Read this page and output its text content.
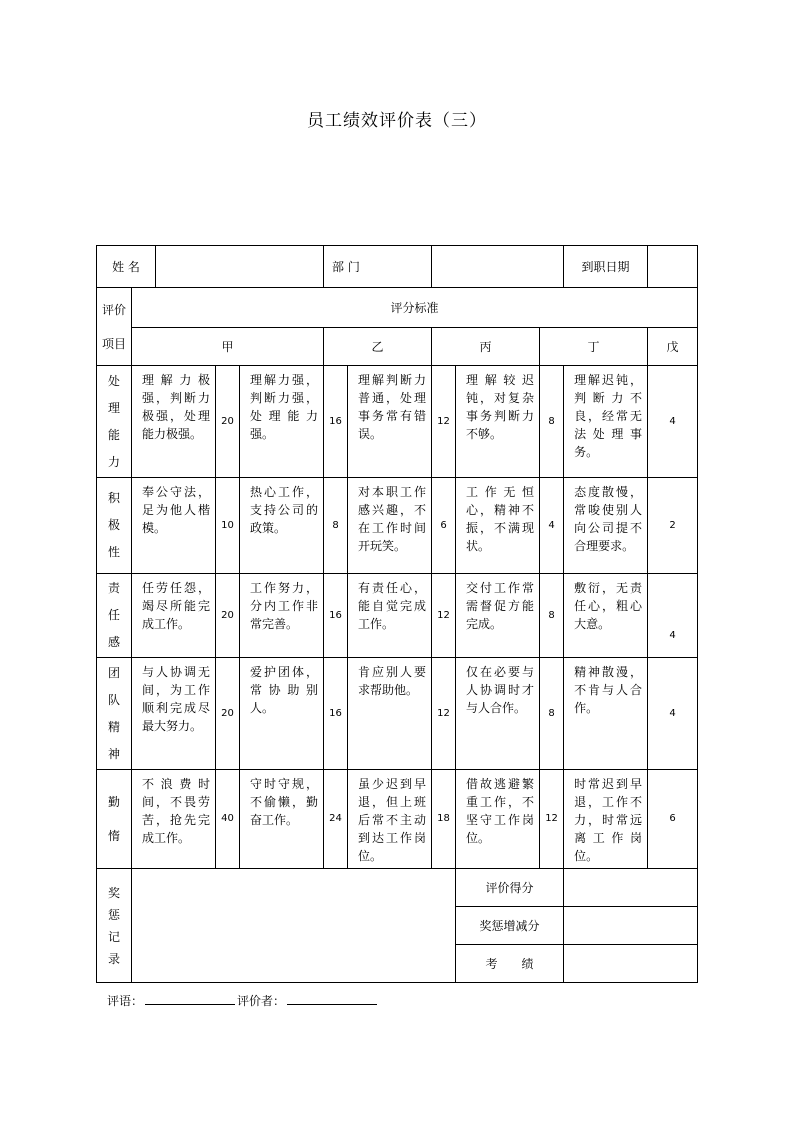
员工绩效评价表（三）
姓 名					部 门					到职日期	

评价
项目	评分标准										
	甲				乙		丙		丁		戊

处
理
能
力	理解力极强，判断力极强，处理能力极强。		20	理解力强，判断力强，处理能力强。	16	理解判断力普通，处理事务常有错误。	12	理解较迟钝，对复杂事务判断力不够。	8	理解迟钝，判断力不良，经常无法处理事务。	4

积
极
性	奉公守法，足为他人楷模。		10	热心工作，支持公司的政策。	8	对本职工作感兴趣，不在工作时间开玩笑。	6	工作无恒心，精神不振，不满现状。	4	态度散慢，常唆使别人向公司提不合理要求。	2

责
任
感	任劳任怨，竭尽所能完成工作。		20	工作努力，分内工作非常完善。	16	有责任心，能自觉完成工作。	12	交付工作常需督促方能完成。	8	敷衍，无责任心，粗心大意。	4

团
队
精
神	与人协调无间，为工作顺利完成尽最大努力。		20	爱护团体，常协助别人。	16	肯应别人要求帮助他。	12	仅在必要与人协调时才与人合作。	8	精神散漫，不肯与人合作。	4

勤
惰	不浪费时间，不畏劳苦，抢先完成工作。		40	守时守规，不偷懒，勤奋工作。	24	虽少迟到早退，但上班后常不主动到达工作岗位。	18	借故逃避繁重工作，不坚守工作岗位。	12	时常迟到早退，工作不力，时常远离工作岗位。	6

奖
惩
记
录								评价得分			
								奖惩增减分			
								考　　绩			
评语：	评价者：
